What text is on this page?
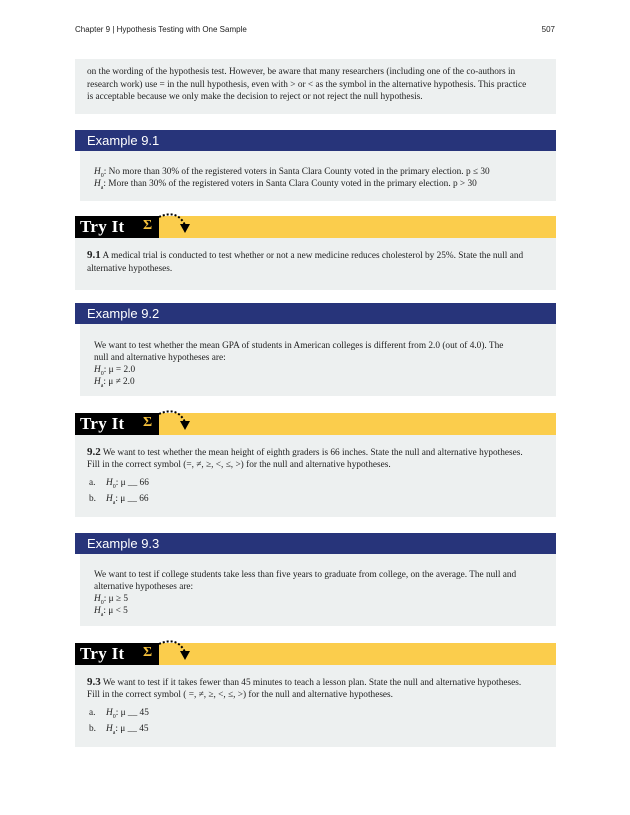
Chapter 9 | Hypothesis Testing with One Sample	507
on the wording of the hypothesis test. However, be aware that many researchers (including one of the co-authors in
research work) use = in the null hypothesis, even with > or < as the symbol in the alternative hypothesis. This practice
is acceptable because we only make the decision to reject or not reject the null hypothesis.
Example 9.1
$H_0$: No more than 30% of the registered voters in Santa Clara County voted in the primary election. p ≤ 30
$H_a$: More than 30% of the registered voters in Santa Clara County voted in the primary election. p > 30
Try It Σ
9.1 A medical trial is conducted to test whether or not a new medicine reduces cholesterol by 25%. State the null and
alternative hypotheses.
Example 9.2
We want to test whether the mean GPA of students in American colleges is different from 2.0 (out of 4.0). The
null and alternative hypotheses are:
$H_0$: μ = 2.0
$H_a$: μ ≠ 2.0
Try It Σ
9.2 We want to test whether the mean height of eighth graders is 66 inches. State the null and alternative hypotheses.
Fill in the correct symbol (=, ≠, ≥, <, ≤, >) for the null and alternative hypotheses.
a. $H_0$: μ __ 66
b. $H_a$: μ __ 66
Example 9.3
We want to test if college students take less than five years to graduate from college, on the average. The null and
alternative hypotheses are:
$H_0$: μ ≥ 5
$H_a$: μ < 5
Try It Σ
9.3 We want to test if it takes fewer than 45 minutes to teach a lesson plan. State the null and alternative hypotheses.
Fill in the correct symbol ( =, ≠, ≥, <, ≤, >) for the null and alternative hypotheses.
a. $H_0$: μ __ 45
b. $H_a$: μ __ 45
